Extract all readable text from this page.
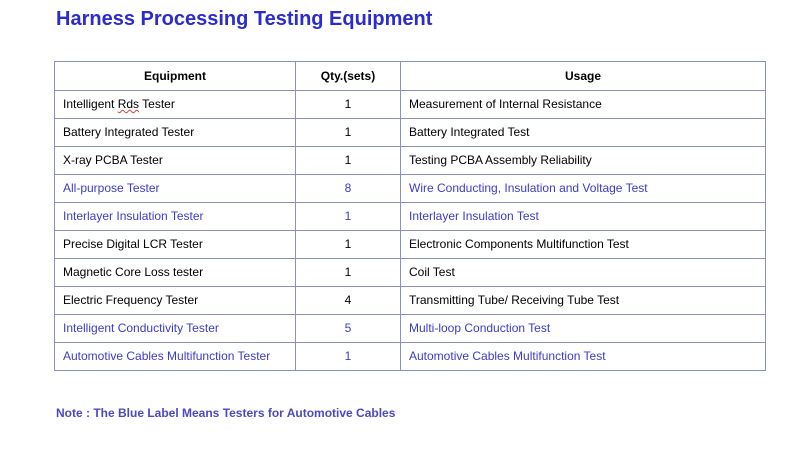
Harness Processing Testing Equipment
Equipment	Qty.(sets)	Usage
Intelligent Rds Tester	1	Measurement of Internal Resistance
Battery Integrated Tester	1	Battery Integrated Test
X-ray PCBA Tester	1	Testing PCBA Assembly Reliability
All-purpose Tester	8	Wire Conducting, Insulation and Voltage Test
Interlayer Insulation Tester	1	Interlayer Insulation Test
Precise Digital LCR Tester	1	Electronic Components Multifunction Test
Magnetic Core Loss tester	1	Coil Test
Electric Frequency Tester	4	Transmitting Tube/ Receiving Tube Test
Intelligent Conductivity Tester	5	Multi-loop Conduction Test
Automotive Cables Multifunction Tester	1	Automotive Cables Multifunction Test

Note : The Blue Label Means Testers for Automotive Cables
